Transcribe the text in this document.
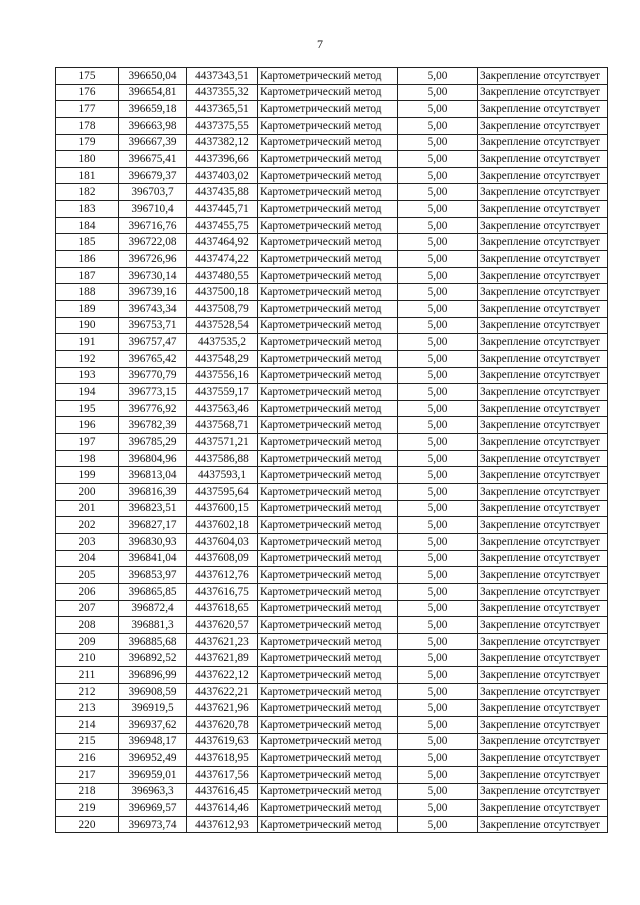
7
175	396650,04	4437343,51	Картометрический метод	5,00	Закрепление отсутствует
176	396654,81	4437355,32	Картометрический метод	5,00	Закрепление отсутствует
177	396659,18	4437365,51	Картометрический метод	5,00	Закрепление отсутствует
178	396663,98	4437375,55	Картометрический метод	5,00	Закрепление отсутствует
179	396667,39	4437382,12	Картометрический метод	5,00	Закрепление отсутствует
180	396675,41	4437396,66	Картометрический метод	5,00	Закрепление отсутствует
181	396679,37	4437403,02	Картометрический метод	5,00	Закрепление отсутствует
182	396703,7	4437435,88	Картометрический метод	5,00	Закрепление отсутствует
183	396710,4	4437445,71	Картометрический метод	5,00	Закрепление отсутствует
184	396716,76	4437455,75	Картометрический метод	5,00	Закрепление отсутствует
185	396722,08	4437464,92	Картометрический метод	5,00	Закрепление отсутствует
186	396726,96	4437474,22	Картометрический метод	5,00	Закрепление отсутствует
187	396730,14	4437480,55	Картометрический метод	5,00	Закрепление отсутствует
188	396739,16	4437500,18	Картометрический метод	5,00	Закрепление отсутствует
189	396743,34	4437508,79	Картометрический метод	5,00	Закрепление отсутствует
190	396753,71	4437528,54	Картометрический метод	5,00	Закрепление отсутствует
191	396757,47	4437535,2	Картометрический метод	5,00	Закрепление отсутствует
192	396765,42	4437548,29	Картометрический метод	5,00	Закрепление отсутствует
193	396770,79	4437556,16	Картометрический метод	5,00	Закрепление отсутствует
194	396773,15	4437559,17	Картометрический метод	5,00	Закрепление отсутствует
195	396776,92	4437563,46	Картометрический метод	5,00	Закрепление отсутствует
196	396782,39	4437568,71	Картометрический метод	5,00	Закрепление отсутствует
197	396785,29	4437571,21	Картометрический метод	5,00	Закрепление отсутствует
198	396804,96	4437586,88	Картометрический метод	5,00	Закрепление отсутствует
199	396813,04	4437593,1	Картометрический метод	5,00	Закрепление отсутствует
200	396816,39	4437595,64	Картометрический метод	5,00	Закрепление отсутствует
201	396823,51	4437600,15	Картометрический метод	5,00	Закрепление отсутствует
202	396827,17	4437602,18	Картометрический метод	5,00	Закрепление отсутствует
203	396830,93	4437604,03	Картометрический метод	5,00	Закрепление отсутствует
204	396841,04	4437608,09	Картометрический метод	5,00	Закрепление отсутствует
205	396853,97	4437612,76	Картометрический метод	5,00	Закрепление отсутствует
206	396865,85	4437616,75	Картометрический метод	5,00	Закрепление отсутствует
207	396872,4	4437618,65	Картометрический метод	5,00	Закрепление отсутствует
208	396881,3	4437620,57	Картометрический метод	5,00	Закрепление отсутствует
209	396885,68	4437621,23	Картометрический метод	5,00	Закрепление отсутствует
210	396892,52	4437621,89	Картометрический метод	5,00	Закрепление отсутствует
211	396896,99	4437622,12	Картометрический метод	5,00	Закрепление отсутствует
212	396908,59	4437622,21	Картометрический метод	5,00	Закрепление отсутствует
213	396919,5	4437621,96	Картометрический метод	5,00	Закрепление отсутствует
214	396937,62	4437620,78	Картометрический метод	5,00	Закрепление отсутствует
215	396948,17	4437619,63	Картометрический метод	5,00	Закрепление отсутствует
216	396952,49	4437618,95	Картометрический метод	5,00	Закрепление отсутствует
217	396959,01	4437617,56	Картометрический метод	5,00	Закрепление отсутствует
218	396963,3	4437616,45	Картометрический метод	5,00	Закрепление отсутствует
219	396969,57	4437614,46	Картометрический метод	5,00	Закрепление отсутствует
220	396973,74	4437612,93	Картометрический метод	5,00	Закрепление отсутствует
